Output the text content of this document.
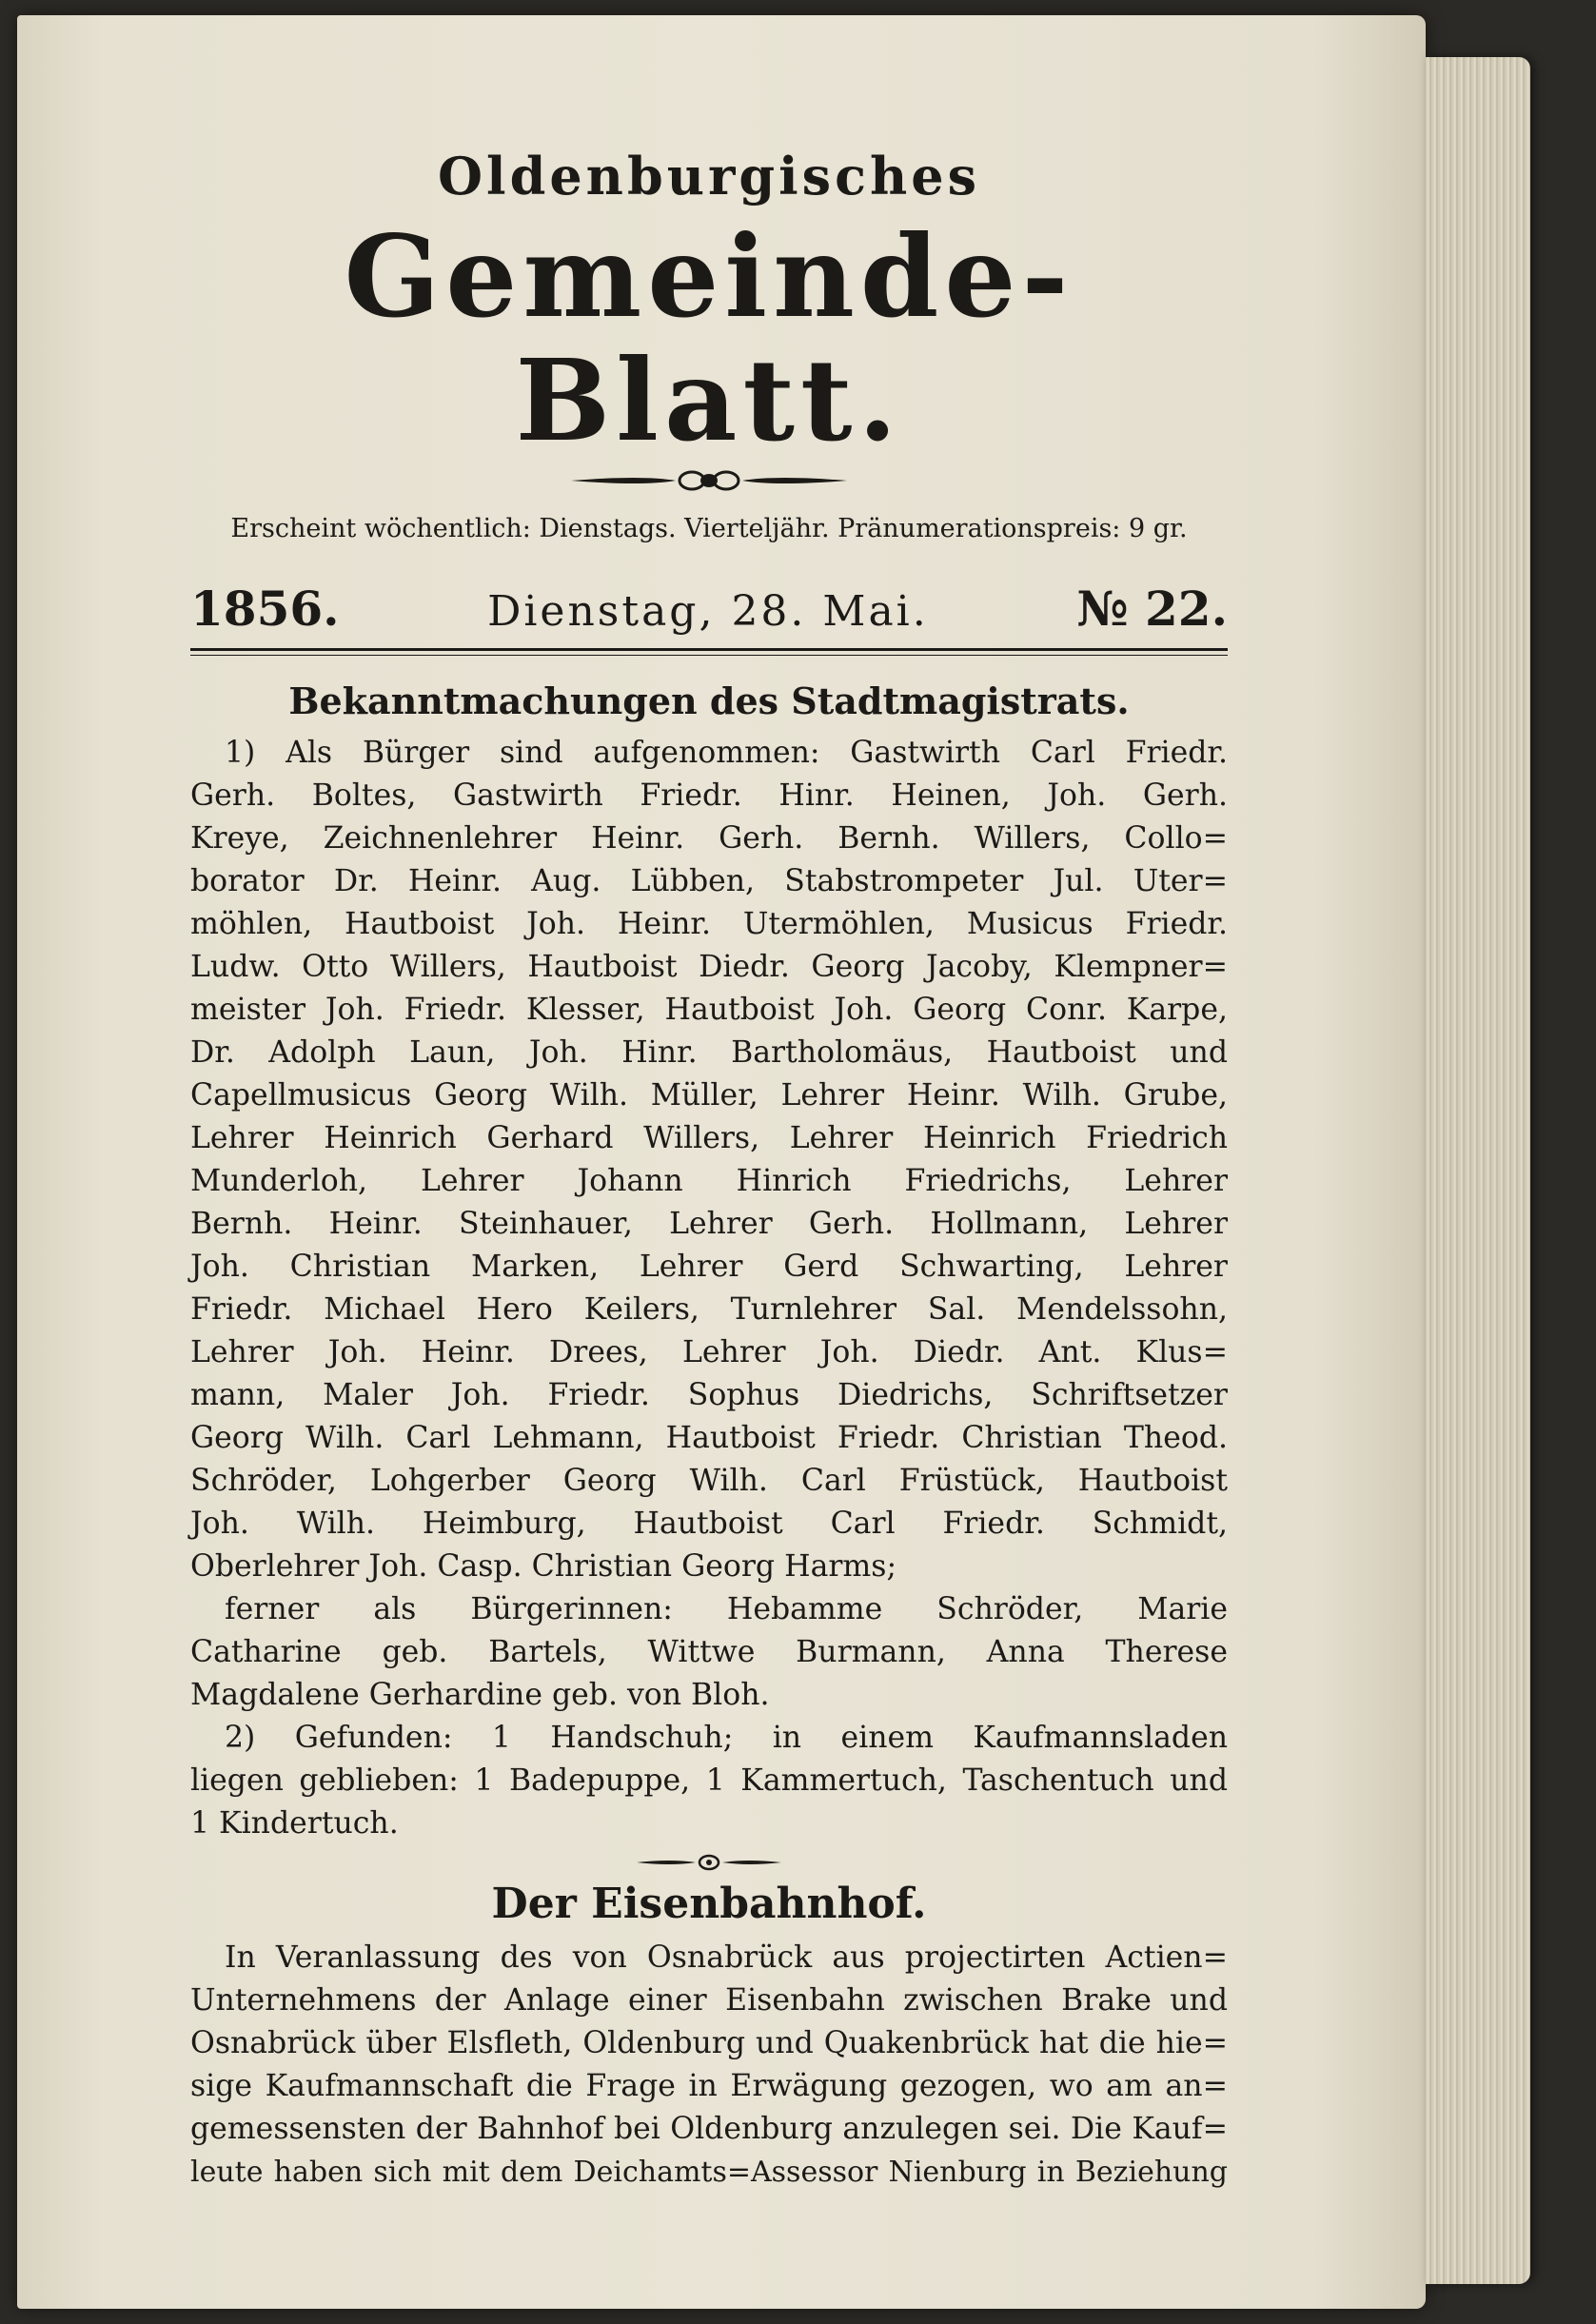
Oldenburgisches
Gemeinde-Blatt.

Erscheint wöchentlich: Dienstags. Vierteljähr. Pränumerationspreis: 9 gr.

1856.	Dienstag, 28. Mai.	№ 22.
Bekanntmachungen des Stadtmagistrats.
1) Als Bürger sind aufgenommen: Gastwirth Carl Friedr.
Gerh. Boltes, Gastwirth Friedr. Hinr. Heinen, Joh. Gerh.
Kreye, Zeichnenlehrer Heinr. Gerh. Bernh. Willers, Collo=
borator Dr. Heinr. Aug. Lübben, Stabstrompeter Jul. Uter=
möhlen, Hautboist Joh. Heinr. Utermöhlen, Musicus Friedr.
Ludw. Otto Willers, Hautboist Diedr. Georg Jacoby, Klempner=
meister Joh. Friedr. Klesser, Hautboist Joh. Georg Conr. Karpe,
Dr. Adolph Laun, Joh. Hinr. Bartholomäus, Hautboist und
Capellmusicus Georg Wilh. Müller, Lehrer Heinr. Wilh. Grube,
Lehrer Heinrich Gerhard Willers, Lehrer Heinrich Friedrich
Munderloh, Lehrer Johann Hinrich Friedrichs, Lehrer
Bernh. Heinr. Steinhauer, Lehrer Gerh. Hollmann, Lehrer
Joh. Christian Marken, Lehrer Gerd Schwarting, Lehrer
Friedr. Michael Hero Keilers, Turnlehrer Sal. Mendelssohn,
Lehrer Joh. Heinr. Drees, Lehrer Joh. Diedr. Ant. Klus=
mann, Maler Joh. Friedr. Sophus Diedrichs, Schriftsetzer
Georg Wilh. Carl Lehmann, Hautboist Friedr. Christian Theod.
Schröder, Lohgerber Georg Wilh. Carl Früstück, Hautboist
Joh. Wilh. Heimburg, Hautboist Carl Friedr. Schmidt,
Oberlehrer Joh. Casp. Christian Georg Harms;
ferner als Bürgerinnen: Hebamme Schröder, Marie
Catharine geb. Bartels, Wittwe Burmann, Anna Therese
Magdalene Gerhardine geb. von Bloh.
2) Gefunden: 1 Handschuh; in einem Kaufmannsladen
liegen geblieben: 1 Badepuppe, 1 Kammertuch, Taschentuch und
1 Kindertuch.
Der Eisenbahnhof.
In Veranlassung des von Osnabrück aus projectirten Actien=
Unternehmens der Anlage einer Eisenbahn zwischen Brake und
Osnabrück über Elsfleth, Oldenburg und Quakenbrück hat die hie=
sige Kaufmannschaft die Frage in Erwägung gezogen, wo am an=
gemessensten der Bahnhof bei Oldenburg anzulegen sei. Die Kauf=
leute haben sich mit dem Deichamts=Assessor Nienburg in Beziehung
